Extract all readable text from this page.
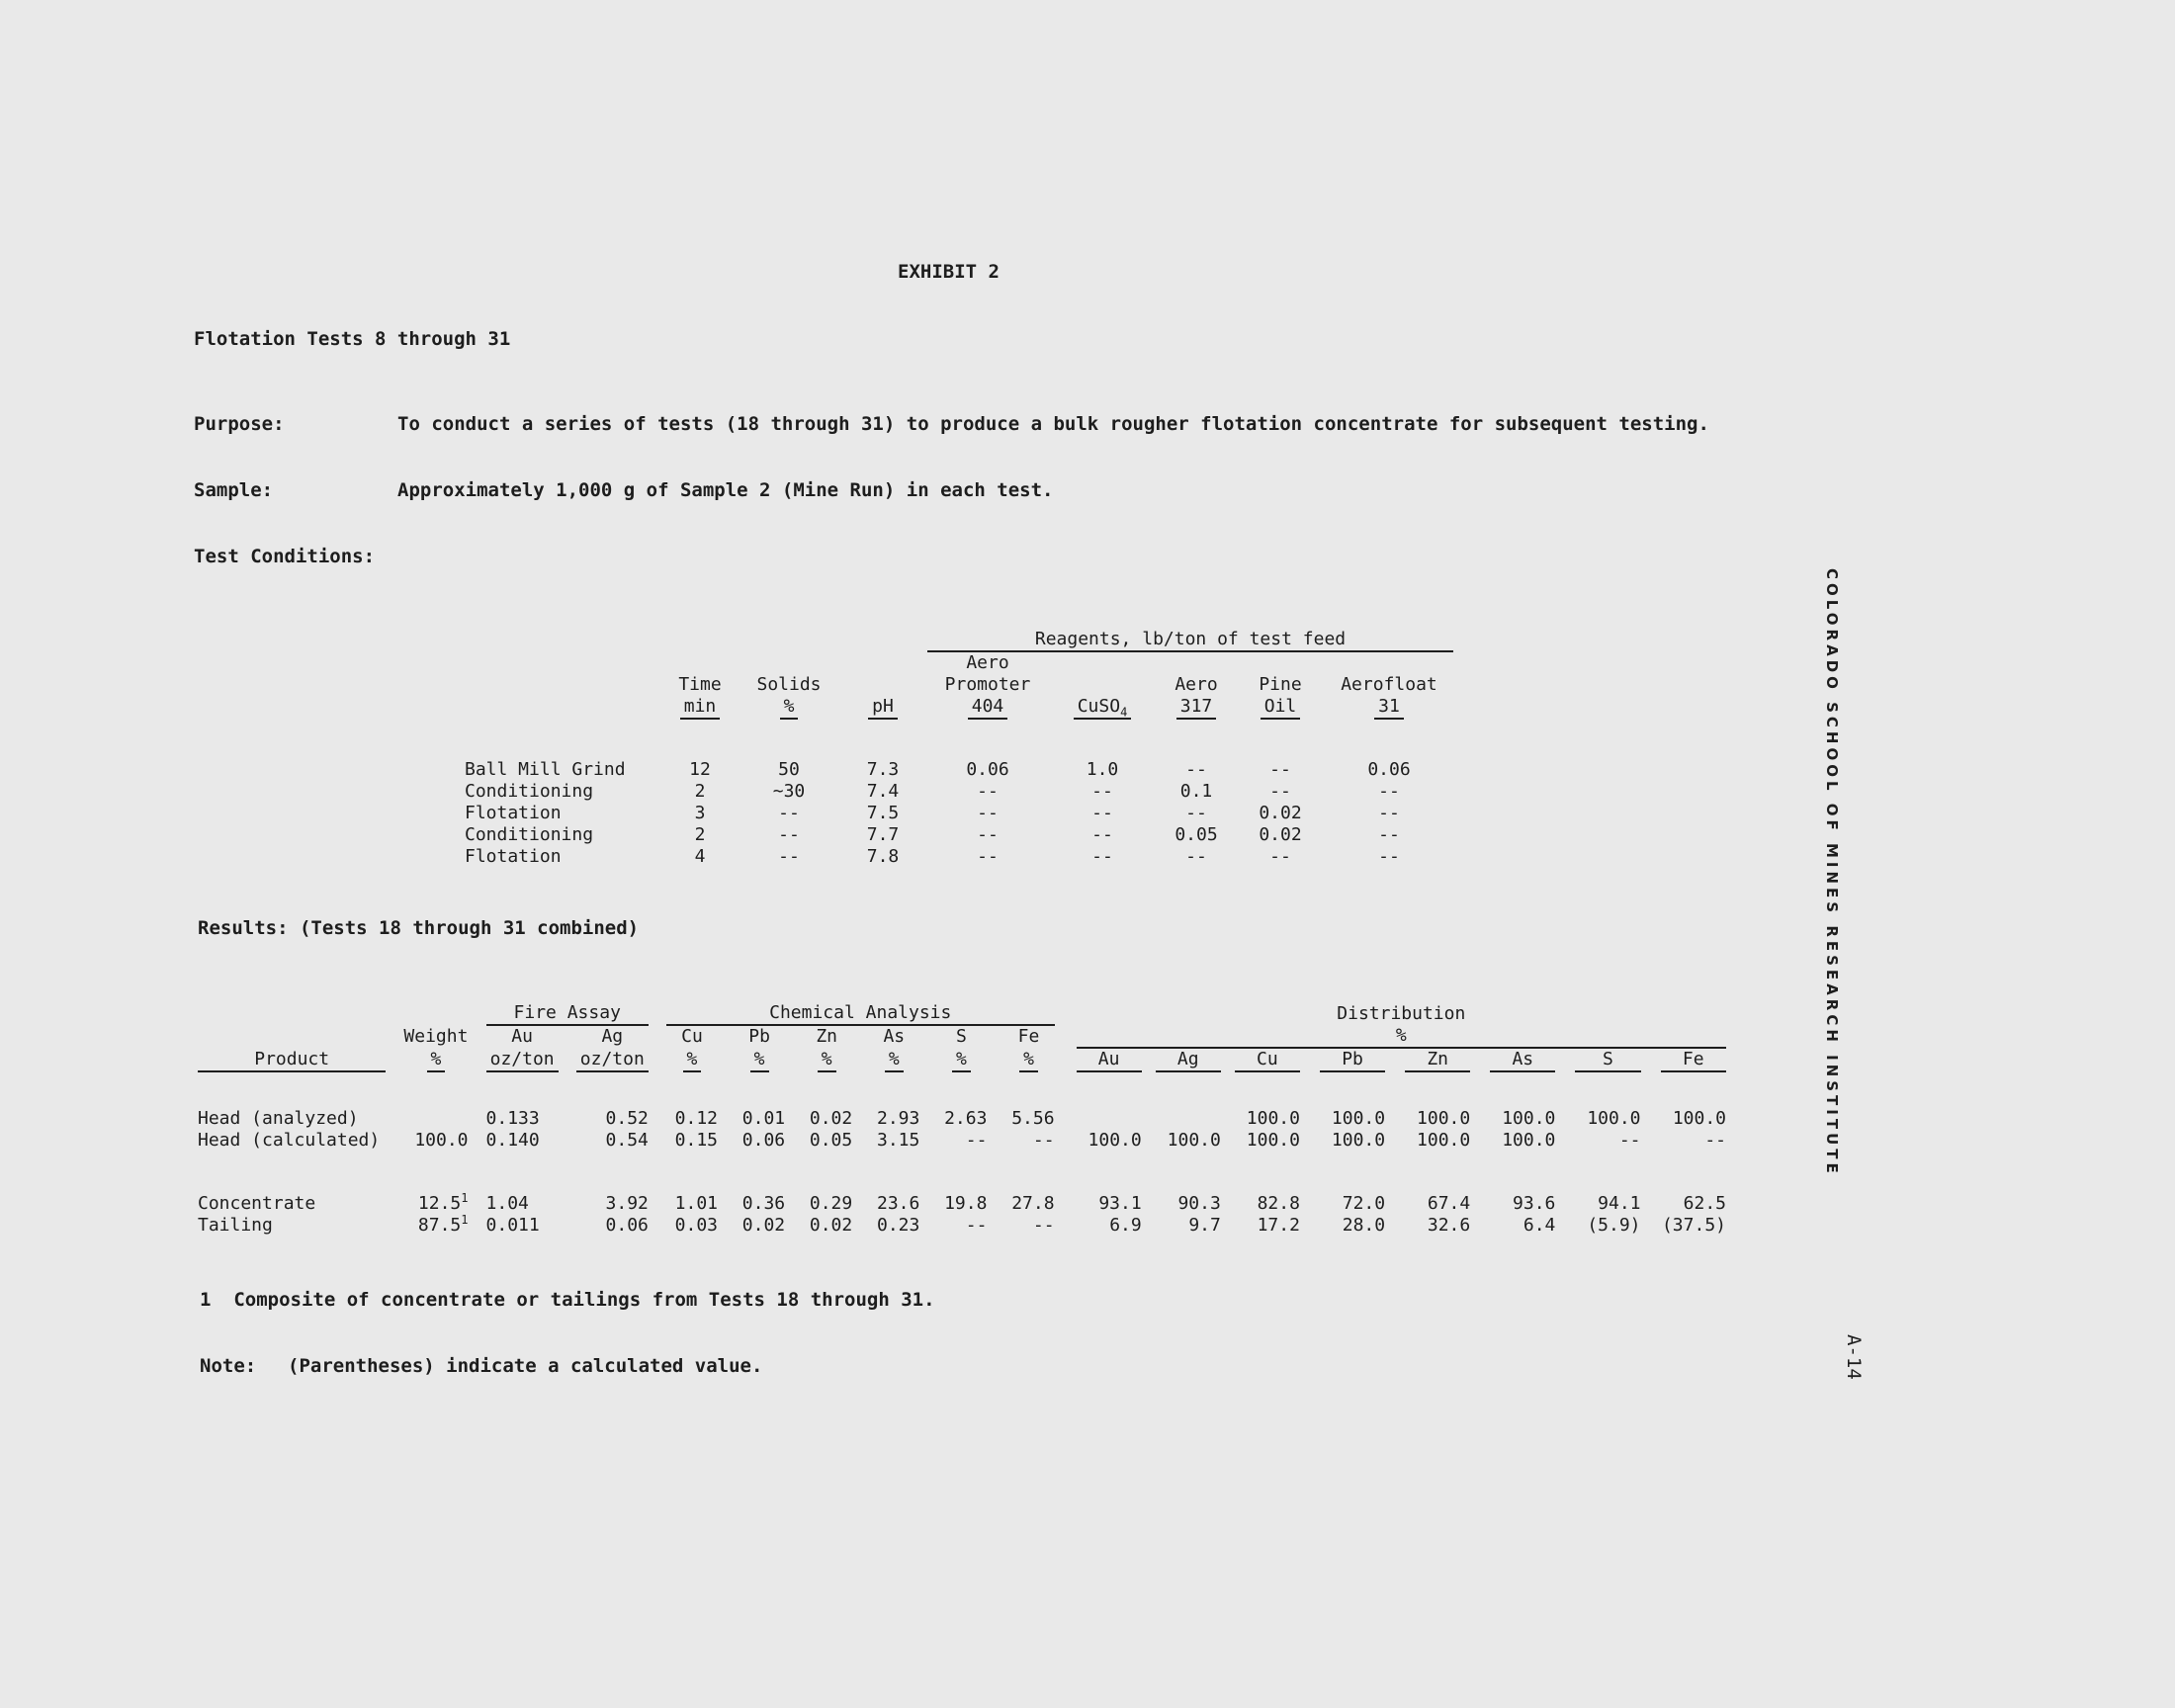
EXHIBIT 2
Flotation Tests 8 through 31
Purpose:	To conduct a series of tests (18 through 31) to produce a bulk rougher flotation concentrate for subsequent testing.
Sample:	Approximately 1,000 g of Sample 2 (Mine Run) in each test.
Test Conditions:
				Reagents, lb/ton of test feed				
				Aero				
	Time	Solids		Promoter		Aero	Pine	Aerofloat
	min	%	pH	404	CuSO$_4$	317	Oil	31

Ball Mill Grind	12	50	7.3	0.06	1.0	--	--	0.06
Conditioning	2	~30	7.4	--	--	0.1	--	--
Flotation	3	--	7.5	--	--	--	0.02	--
Conditioning	2	--	7.7	--	--	0.05	0.02	--
Flotation	4	--	7.8	--	--	--	--	--
Results: (Tests 18 through 31 combined)
				Fire Assay				Chemical Analysis												Distribution														
		Weight		Au		Ag		Cu		Pb		Zn		As		S		Fe		%														

Product		%		oz/ton		oz/ton		%		%		%		%		%		%		Au		Ag		Cu		Pb		Zn		As		S		Fe

Head (analyzed)				0.133		0.52		0.12		0.01		0.02		2.93		2.63		5.56						100.0		100.0		100.0		100.0		100.0		100.0
Head (calculated)		100.0		0.140		0.54		0.15		0.06		0.05		3.15		--		--		100.0		100.0		100.0		100.0		100.0		100.0		--		--

Concentrate		12.5$^1$		1.04		3.92		1.01		0.36		0.29		23.6		19.8		27.8		93.1		90.3		82.8		72.0		67.4		93.6		94.1		62.5
Tailing		87.5$^1$		0.011		0.06		0.03		0.02		0.02		0.23		--		--		6.9		9.7		17.2		28.0		32.6		6.4		(5.9)		(37.5)
1 Composite of concentrate or tailings from Tests 18 through 31.
Note: (Parentheses) indicate a calculated value.
COLORADO SCHOOL OF MINES RESEARCH INSTITUTE
A-14
